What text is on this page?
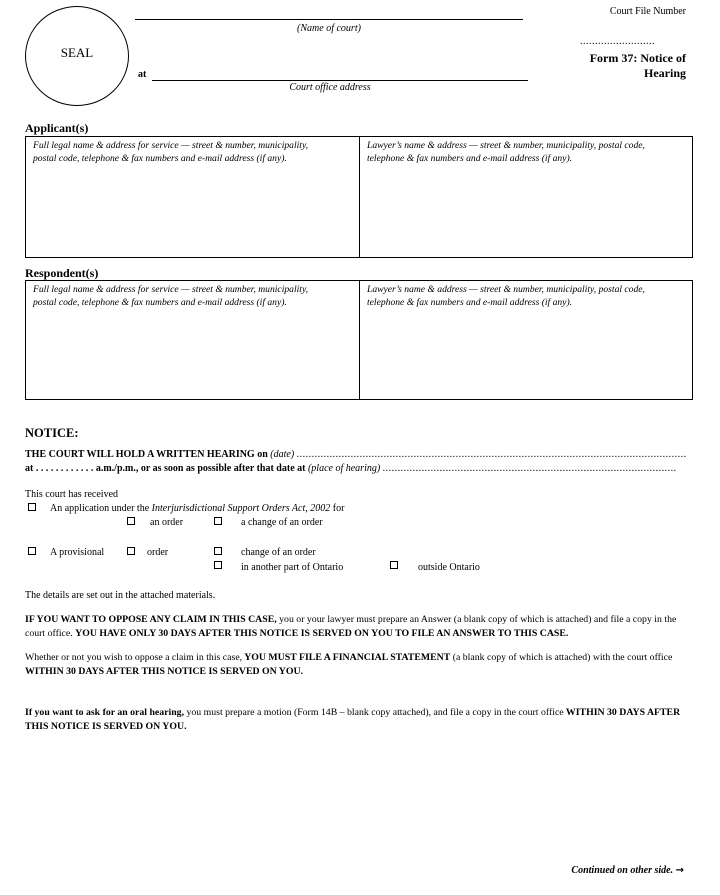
SEAL
(Name of court)
at
Court office address
Court File Number
.........................
Form 37: Notice of
Hearing
Applicant(s)
Full legal name & address for service — street & number, municipality,
postal code, telephone & fax numbers and e-mail address (if any).
Lawyer’s name & address — street & number, municipality, postal code,
telephone & fax numbers and e-mail address (if any).
Respondent(s)
Full legal name & address for service — street & number, municipality,
postal code, telephone & fax numbers and e-mail address (if any).
Lawyer’s name & address — street & number, municipality, postal code,
telephone & fax numbers and e-mail address (if any).
NOTICE:
THE COURT WILL HOLD A WRITTEN HEARING on (date) ..................................................................................................................................
at . . . . . . . . . . . . a.m./p.m., or as soon as possible after that date at (place of hearing) ..................................................................................................
This court has received
An application under the Interjurisdictional Support Orders Act, 2002 for
an order	a change of an order
A provisional	order	change of an order
in another part of Ontario	outside Ontario
The details are set out in the attached materials.
IF YOU WANT TO OPPOSE ANY CLAIM IN THIS CASE, you or your lawyer must prepare an Answer (a blank copy of which is attached) and file a copy in the court office. YOU HAVE ONLY 30 DAYS AFTER THIS NOTICE IS SERVED ON YOU TO FILE AN ANSWER TO THIS CASE.
Whether or not you wish to oppose a claim in this case, YOU MUST FILE A FINANCIAL STATEMENT (a blank copy of which is attached) with the court office WITHIN 30 DAYS AFTER THIS NOTICE IS SERVED ON YOU.
If you want to ask for an oral hearing, you must prepare a motion (Form 14B – blank copy attached), and file a copy in the court office WITHIN 30 DAYS AFTER THIS NOTICE IS SERVED ON YOU.
Continued on other side. →
